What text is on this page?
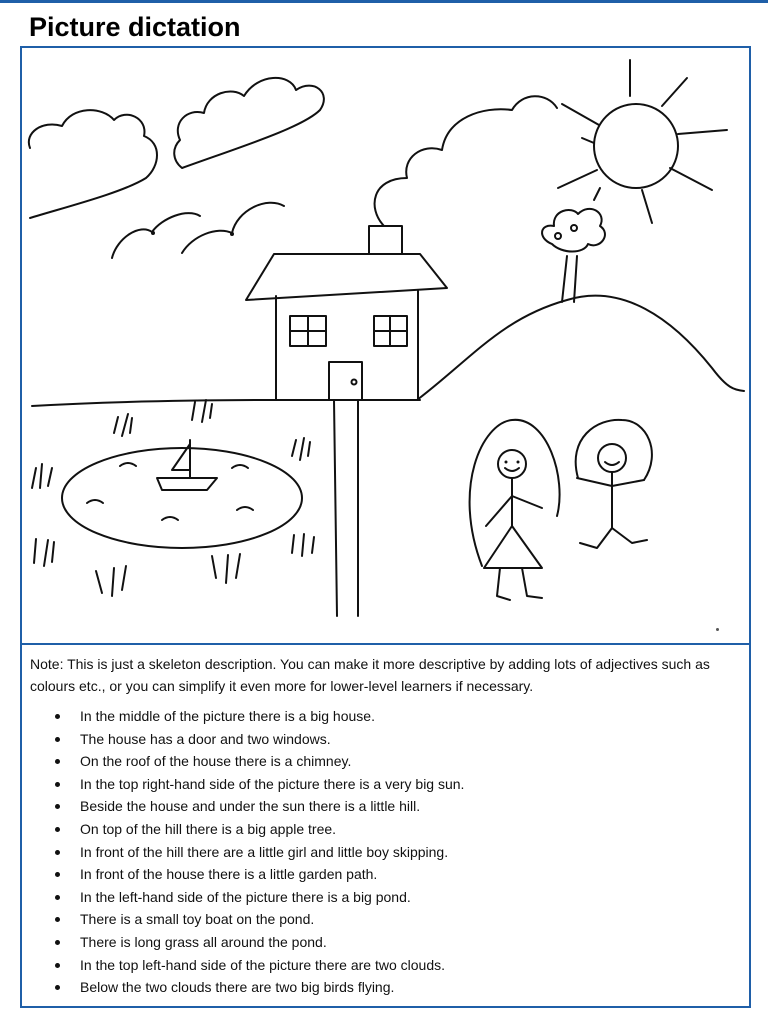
Picture dictation

Note: This is just a skeleton description. You can make it more descriptive by adding lots of adjectives such as colours etc., or you can simplify it even more for lower-level learners if necessary.

In the middle of the picture there is a big house.
The house has a door and two windows.
On the roof of the house there is a chimney.
In the top right-hand side of the picture there is a very big sun.
Beside the house and under the sun there is a little hill.
On top of the hill there is a big apple tree.
In front of the hill there are a little girl and little boy skipping.
In front of the house there is a little garden path.
In the left-hand side of the picture there is a big pond.
There is a small toy boat on the pond.
There is long grass all around the pond.
In the top left-hand side of the picture there are two clouds.
Below the two clouds there are two big birds flying.
